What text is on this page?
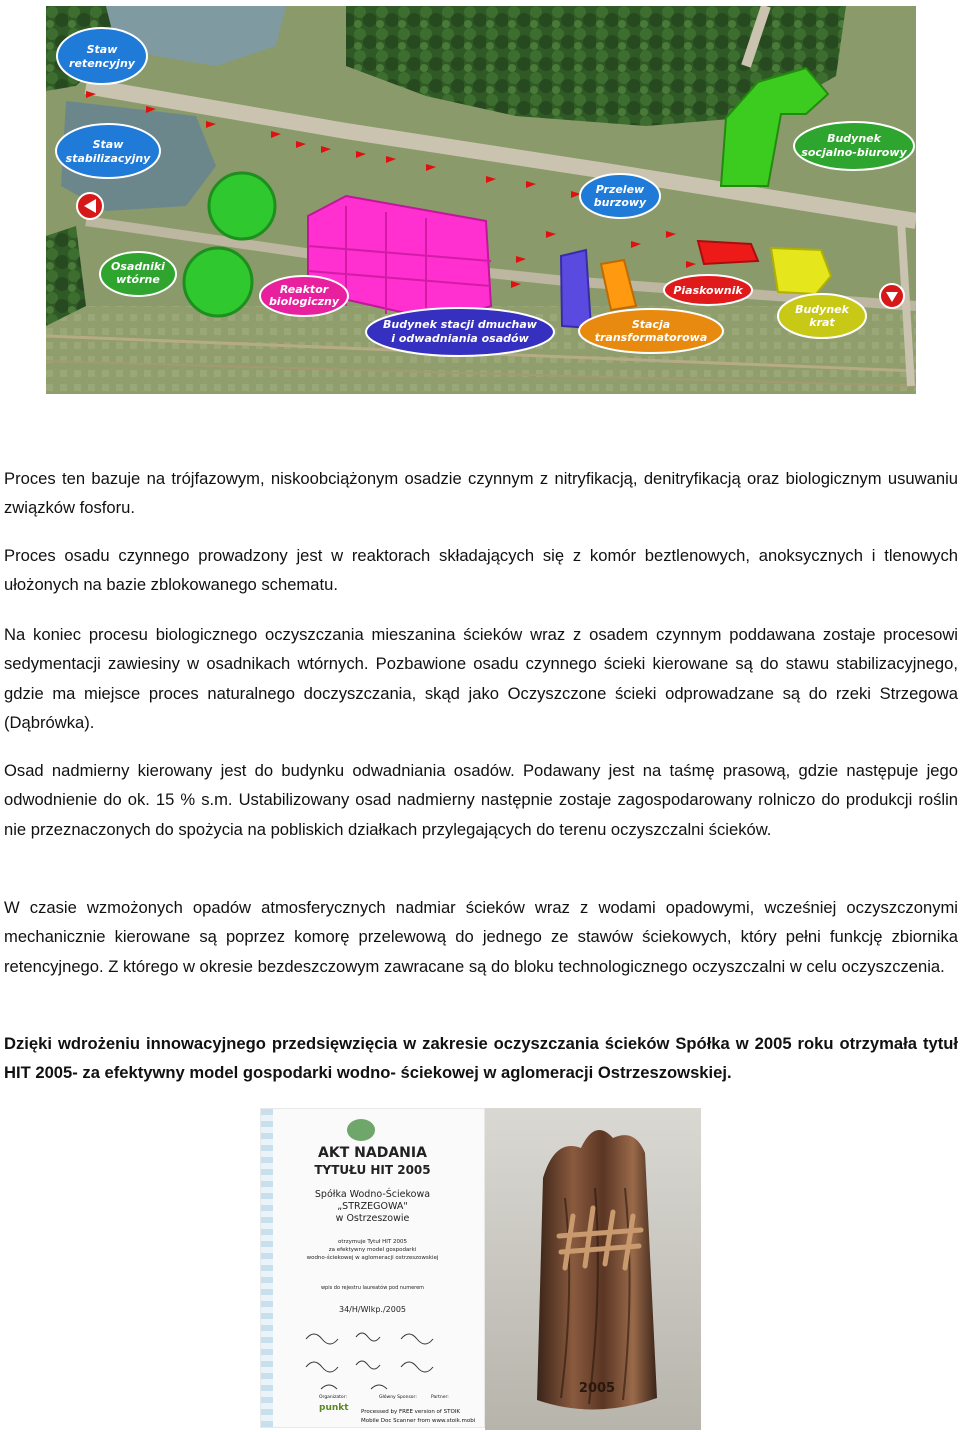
Staw
retencyjny
Staw
stabilizacyjny
Osadniki
wtórne
Reaktor
biologiczny
Budynek stacji dmuchaw
i odwadniania osadów
Przelew
burzowy
Stacja
transformatorowa
Piaskownik
Budynek
krat
Budynek
socjalno-biurowy

Proces ten bazuje na trójfazowym, niskoobciążonym osadzie czynnym z nitryfikacją, denitryfikacją oraz biologicznym usuwaniu związków fosforu.

Proces osadu czynnego prowadzony jest w reaktorach składających się z komór beztlenowych, anoksycznych i tlenowych ułożonych na bazie zblokowanego schematu.

Na koniec procesu biologicznego oczyszczania mieszanina ścieków wraz z osadem czynnym poddawana zostaje procesowi sedymentacji zawiesiny w osadnikach wtórnych. Pozbawione osadu czynnego ścieki kierowane są do stawu stabilizacyjnego, gdzie ma miejsce proces naturalnego doczyszczania, skąd jako Oczyszczone ścieki odprowadzane są do rzeki Strzegowa (Dąbrówka).

Osad nadmierny kierowany jest do budynku odwadniania osadów. Podawany jest na taśmę prasową, gdzie następuje jego odwodnienie do ok. 15 % s.m. Ustabilizowany osad nadmierny następnie zostaje zagospodarowany rolniczo do produkcji roślin nie przeznaczonych do spożycia na pobliskich działkach przylegających do terenu oczyszczalni ścieków.

W czasie wzmożonych opadów atmosferycznych nadmiar ścieków wraz z wodami opadowymi, wcześniej oczyszczonymi mechanicznie kierowane są poprzez komorę przelewową do jednego ze stawów ściekowych, który pełni funkcję zbiornika retencyjnego. Z którego w okresie bezdeszczowym zawracane są do bloku technologicznego oczyszczalni w celu oczyszczenia.

Dzięki wdrożeniu innowacyjnego przedsięwzięcia w zakresie oczyszczania ścieków Spółka w 2005 roku otrzymała tytuł HIT 2005- za efektywny model gospodarki wodno- ściekowej w aglomeracji Ostrzeszowskiej.

AKT NADANIA
TYTUŁU HIT 2005
Spółka Wodno-Ściekowa
„STRZEGOWA"
w Ostrzeszowie
otrzymuje Tytuł HIT 2005
za efektywny model gospodarki
wodno-ściekowej w aglomeracji ostrzeszowskiej
wpis do rejestru laureatów pod numerem
34/H/Wlkp./2005
Organizator:
punkt
Główny Sponsor:	Partner:
Processed by FREE version of STOIK
Mobile Doc Scanner from www.stoik.mobi
2005
